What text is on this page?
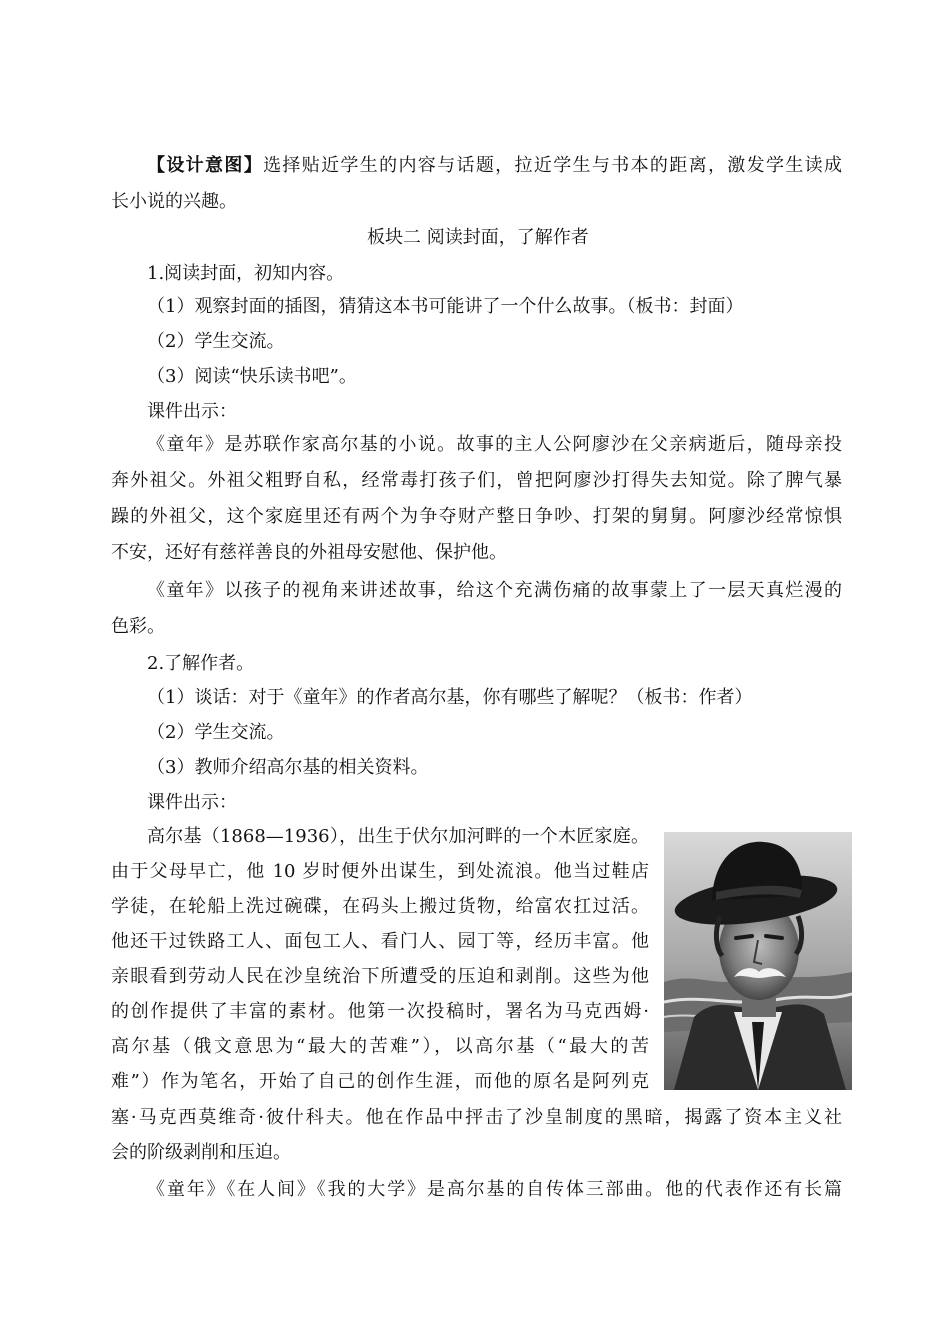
【设计意图】选择贴近学生的内容与话题，拉近学生与书本的距离，激发学生读成
长小说的兴趣。
板块二 阅读封面，了解作者
1.阅读封面，初知内容。
（1）观察封面的插图，猜猜这本书可能讲了一个什么故事。（板书：封面）
（2）学生交流。
（3）阅读“快乐读书吧”。
课件出示：
《童年》是苏联作家高尔基的小说。故事的主人公阿廖沙在父亲病逝后，随母亲投
奔外祖父。外祖父粗野自私，经常毒打孩子们，曾把阿廖沙打得失去知觉。除了脾气暴
躁的外祖父，这个家庭里还有两个为争夺财产整日争吵、打架的舅舅。阿廖沙经常惊惧
不安，还好有慈祥善良的外祖母安慰他、保护他。
《童年》以孩子的视角来讲述故事，给这个充满伤痛的故事蒙上了一层天真烂漫的
色彩。
2.了解作者。
（1）谈话：对于《童年》的作者高尔基，你有哪些了解呢？（板书：作者）
（2）学生交流。
（3）教师介绍高尔基的相关资料。
课件出示：
高尔基（1868—1936），出生于伏尔加河畔的一个木匠家庭。
由于父母早亡，他 10 岁时便外出谋生，到处流浪。他当过鞋店
学徒，在轮船上洗过碗碟，在码头上搬过货物，给富农扛过活。
他还干过铁路工人、面包工人、看门人、园丁等，经历丰富。他
亲眼看到劳动人民在沙皇统治下所遭受的压迫和剥削。这些为他
的创作提供了丰富的素材。他第一次投稿时，署名为马克西姆·
高尔基（俄文意思为“最大的苦难”），以高尔基（“最大的苦
难”）作为笔名，开始了自己的创作生涯，而他的原名是阿列克
塞·马克西莫维奇·彼什科夫。他在作品中抨击了沙皇制度的黑暗，揭露了资本主义社
会的阶级剥削和压迫。
《童年》《在人间》《我的大学》是高尔基的自传体三部曲。他的代表作还有长篇
